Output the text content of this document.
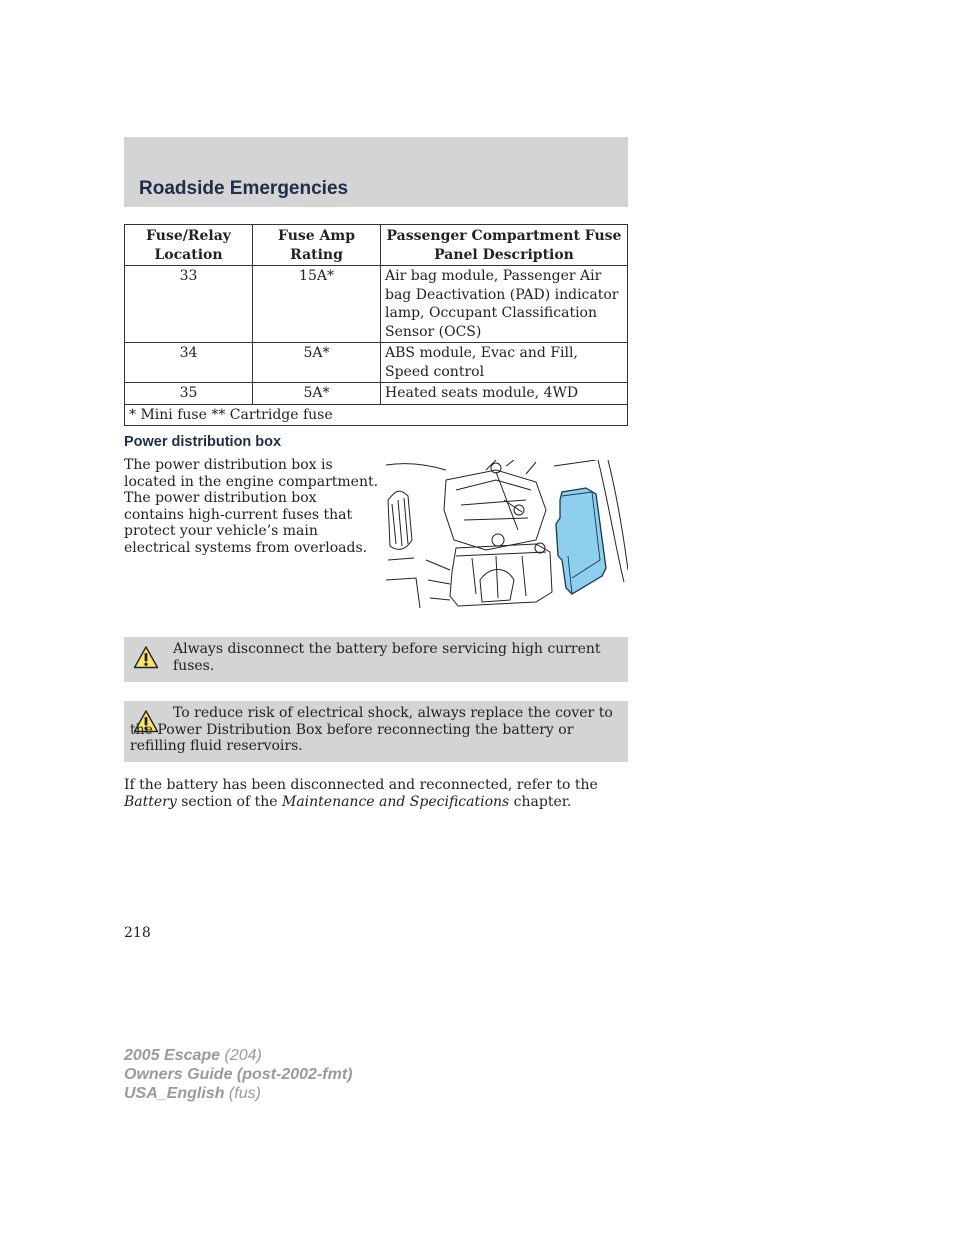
Roadside Emergencies
Fuse/Relay Location	Fuse Amp Rating	Passenger Compartment Fuse Panel Description
33	15A*	Air bag module, Passenger Air bag Deactivation (PAD) indicator lamp, Occupant Classification Sensor (OCS)
34	5A*	ABS module, Evac and Fill, Speed control
35	5A*	Heated seats module, 4WD
* Mini fuse ** Cartridge fuse		
Power distribution box

The power distribution box is located in the engine compartment. The power distribution box contains high-current fuses that protect your vehicle’s main electrical systems from overloads.

Always disconnect the battery before servicing high current fuses.
To reduce risk of electrical shock, always replace the cover to the Power Distribution Box before reconnecting the battery or refilling fluid reservoirs.

If the battery has been disconnected and reconnected, refer to the Battery section of the Maintenance and Specifications chapter.

218
2005 Escape (204)
Owners Guide (post-2002-fmt)
USA_English (fus)
